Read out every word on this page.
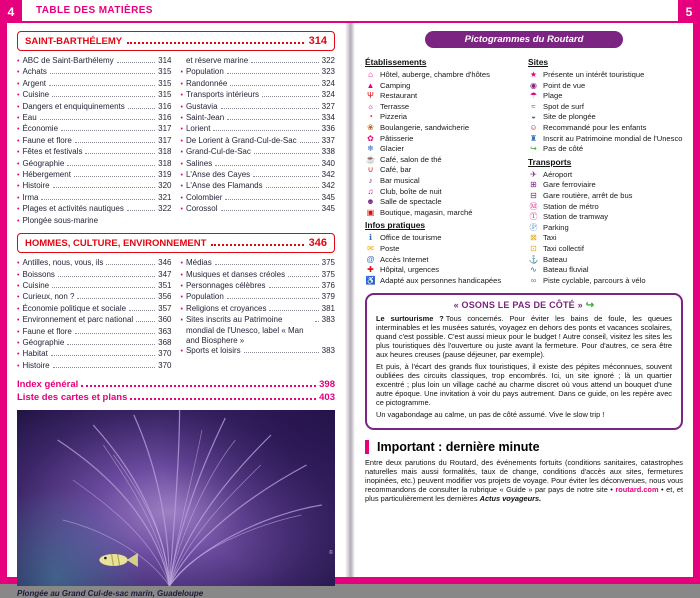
4	TABLE DES MATIÈRES	5
SAINT-BARTHÉLEMY	314
• ABC de Saint-Barthélemy	314
• Achats	315
• Argent	315
• Cuisine	315
• Dangers et enquiquinements	316
• Eau	316
• Économie	317
• Faune et flore	317
• Fêtes et festivals	318
• Géographie	318
• Hébergement	319
• Histoire	320
• Irma	321
• Plages et activités nautiques	322
• Plongée sous-marine
et réserve marine	322
• Population	323
• Randonnée	324
• Transports intérieurs	324
• Gustavia	327
• Saint-Jean	334
• Lorient	336
• De Lorient à Grand-Cul-de-Sac	337
• Grand-Cul-de-Sac	338
• Salines	340
• L'Anse des Cayes	342
• L'Anse des Flamands	342
• Colombier	345
• Corossol	345
HOMMES, CULTURE, ENVIRONNEMENT	346
• Antilles, nous, vous, ils	346
• Boissons	347
• Cuisine	351
• Curieux, non ?	356
• Économie politique et sociale	357
• Environnement et parc national	360
• Faune et flore	363
• Géographie	368
• Habitat	370
• Histoire	370
• Médias	375
• Musiques et danses créoles	375
• Personnages célèbres	376
• Population	379
• Religions et croyances	381
• Sites inscrits au Patrimoine mondial de l'Unesco, label « Man and Biosphere »
383
• Sports et loisirs	383
Index général	398
Liste des cartes et plans	403
©
Plongée au Grand Cul-de-sac marin, Guadeloupe
Pictogrammes du Routard
Établissements
⌂ Hôtel, auberge, chambre d'hôtes
▲ Camping
Ψ Restaurant
☼ Terrasse
◔ Pizzeria
❀ Boulangerie, sandwicherie
✿ Pâtisserie
❄ Glacier
☕ Café, salon de thé
∪ Café, bar
♪ Bar musical
♫ Club, boîte de nuit
☻ Salle de spectacle
▣ Boutique, magasin, marché
Infos pratiques
ℹ	Office de tourisme
✉ Poste
@ Accès Internet
✚ Hôpital, urgences
♿ Adapté aux personnes handicapées
Sites
★ Présente un intérêt touristique
◉ Point de vue
☂ Plage
≈ Spot de surf
◒ Site de plongée
☺ Recommandé pour les enfants
♜ Inscrit au Patrimoine mondial de l'Unesco
↪ Pas de côté
Transports
✈ Aéroport
⊞ Gare ferroviaire
⊟ Gare routière, arrêt de bus
Ⓜ Station de métro
Ⓣ Station de tramway
Ⓟ Parking
⊠ Taxi
⊡ Taxi collectif
⚓ Bateau
∿ Bateau fluvial
∞ Piste cyclable, parcours à vélo
« OSONS LE PAS DE CÔTÉ » ↪

Le surtourisme ? Tous concernés. Pour éviter les bains de foule, les queues interminables et les musées saturés, voyagez en dehors des ponts et vacances scolaires, quand c'est possible. C'est aussi mieux pour le budget ! Autre conseil, visitez les sites les plus touristiques dès l'ouverture ou juste avant la fermeture. Pour d'autres, ce sera être aux heures creuses (pause déjeuner, par exemple).

Et puis, à l'écart des grands flux touristiques, il existe des pépites méconnues, souvent oubliées des circuits classiques, trop encombrés. Ici, un site ignoré ; là un quartier excentré ; plus loin un village caché au charme discret où vous attend un bouquet d'une autre époque. Une invitation à voir du pays autrement. Dans ce guide, on les repère avec ce pictogramme.

Un vagabondage au calme, un pas de côté assumé. Vive le slow trip !

Important : dernière minute

Entre deux parutions du Routard, des événements fortuits (conditions sanitaires, catastrophes naturelles mais aussi formalités, taux de change, conditions d'accès aux sites, fermetures inopinées, etc.) peuvent modifier vos projets de voyage. Pour éviter les déconvenues, nous vous recommandons de consulter la rubrique « Guide » par pays de notre site • routard.com • et, et plus particulièrement les dernières Actus voyageurs.
